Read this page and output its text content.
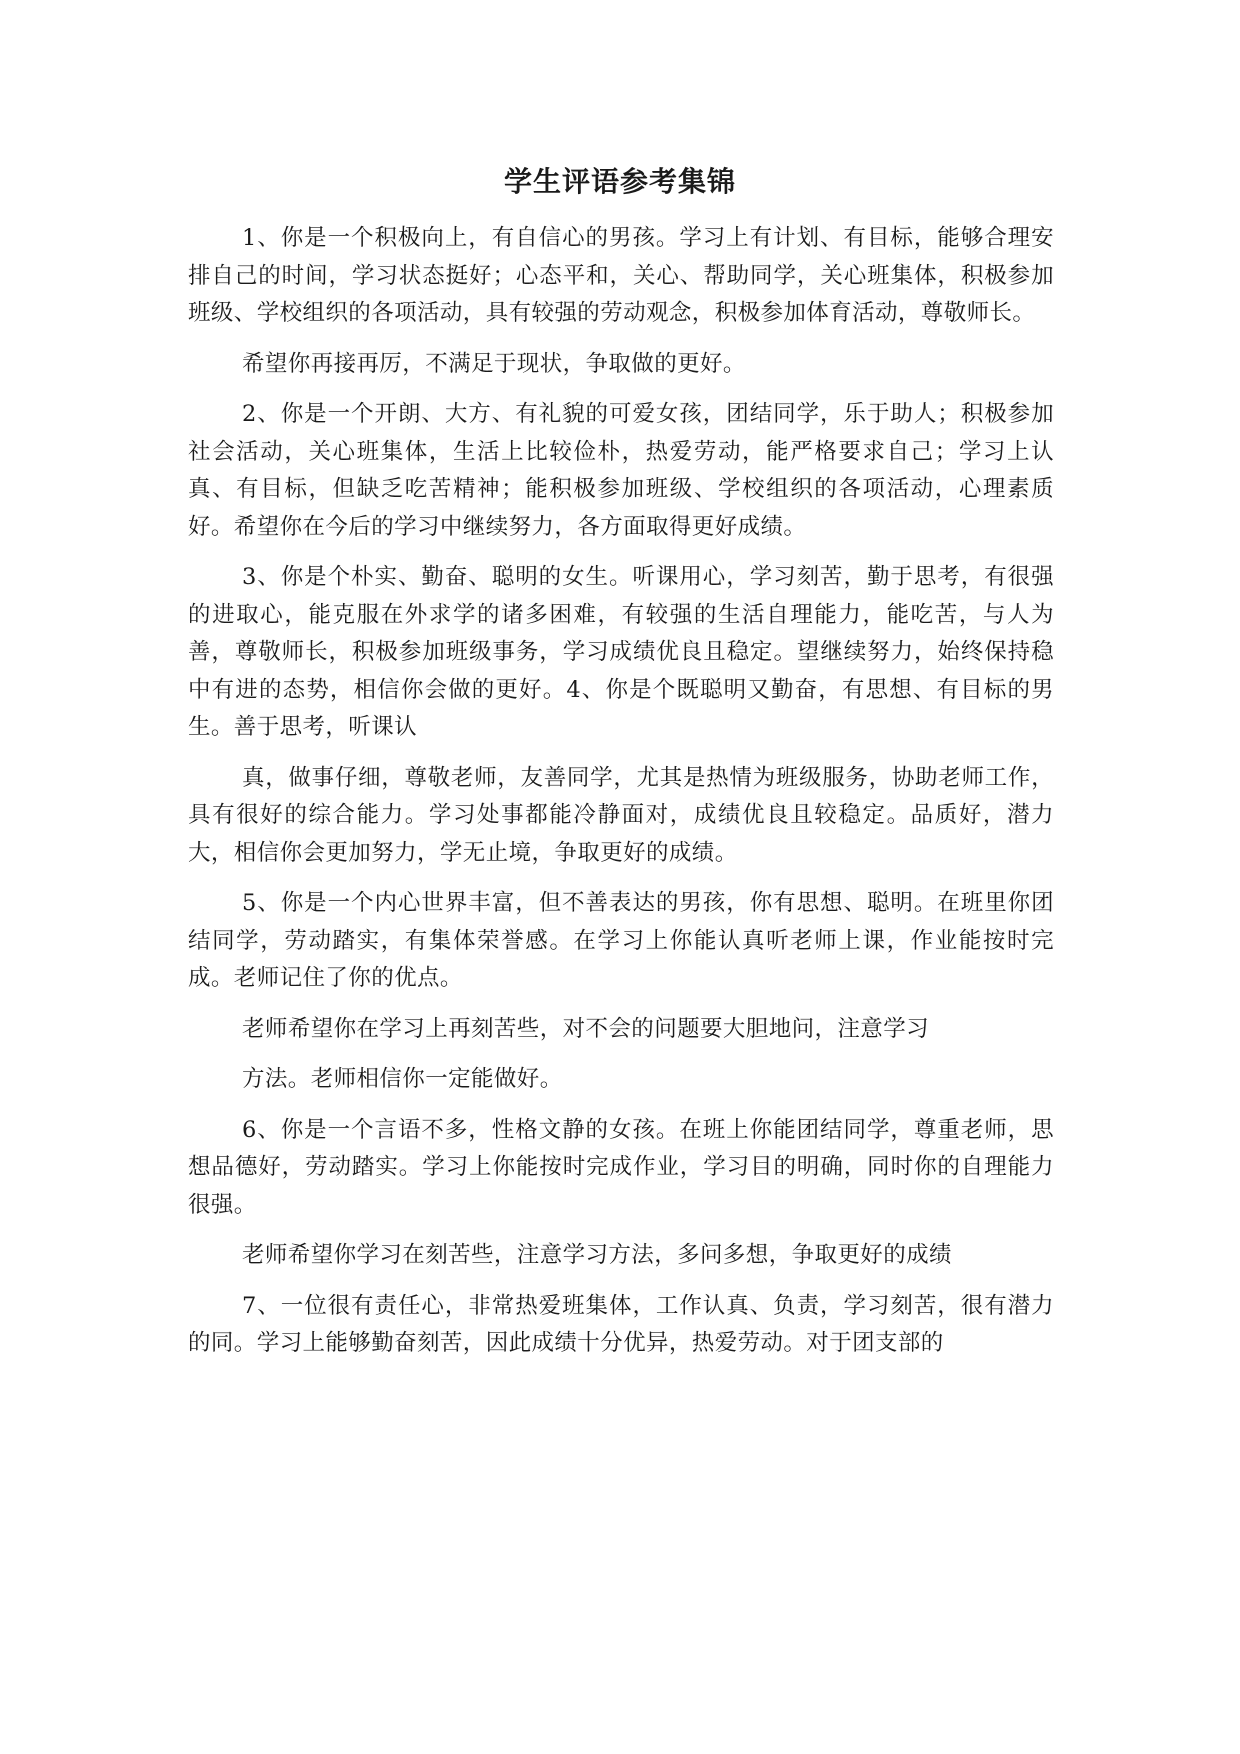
学生评语参考集锦

1、你是一个积极向上，有自信心的男孩。学习上有计划、有目标，能够合理安排自己的时间，学习状态挺好；心态平和，关心、帮助同学，关心班集体，积极参加班级、学校组织的各项活动，具有较强的劳动观念，积极参加体育活动，尊敬师长。

希望你再接再厉，不满足于现状，争取做的更好。

2、你是一个开朗、大方、有礼貌的可爱女孩，团结同学，乐于助人；积极参加社会活动，关心班集体，生活上比较俭朴，热爱劳动，能严格要求自己；学习上认真、有目标，但缺乏吃苦精神；能积极参加班级、学校组织的各项活动，心理素质好。希望你在今后的学习中继续努力，各方面取得更好成绩。

3、你是个朴实、勤奋、聪明的女生。听课用心，学习刻苦，勤于思考，有很强的进取心，能克服在外求学的诸多困难，有较强的生活自理能力，能吃苦，与人为善，尊敬师长，积极参加班级事务，学习成绩优良且稳定。望继续努力，始终保持稳中有进的态势，相信你会做的更好。4、你是个既聪明又勤奋，有思想、有目标的男生。善于思考，听课认

真，做事仔细，尊敬老师，友善同学，尤其是热情为班级服务，协助老师工作，具有很好的综合能力。学习处事都能冷静面对，成绩优良且较稳定。品质好，潜力大，相信你会更加努力，学无止境，争取更好的成绩。

5、你是一个内心世界丰富，但不善表达的男孩，你有思想、聪明。在班里你团结同学，劳动踏实，有集体荣誉感。在学习上你能认真听老师上课，作业能按时完成。老师记住了你的优点。

老师希望你在学习上再刻苦些，对不会的问题要大胆地问，注意学习

方法。老师相信你一定能做好。

6、你是一个言语不多，性格文静的女孩。在班上你能团结同学，尊重老师，思想品德好，劳动踏实。学习上你能按时完成作业，学习目的明确，同时你的自理能力很强。

老师希望你学习在刻苦些，注意学习方法，多问多想，争取更好的成绩

7、一位很有责任心，非常热爱班集体，工作认真、负责，学习刻苦，很有潜力的同。学习上能够勤奋刻苦，因此成绩十分优异，热爱劳动。对于团支部的
